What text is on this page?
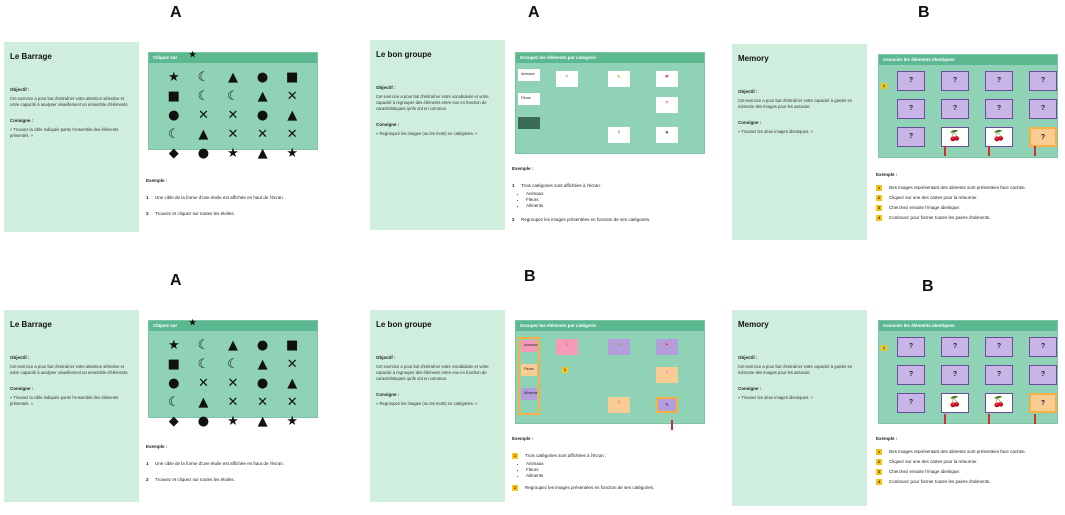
A	A	B
A	B
B
Le Barrage
Objectif :
Cet exercice a pour but d'entraîner votre attention sélective et votre capacité à analyser visuellement un ensemble d'éléments.
Consigne :
« Trouvez la cible indiquée parmi l'ensemble des éléments présentés. »
Cliquez sur ★
★ ☾ ▲ ● ■
■ ☾ ☾ ▲ ✕
● ✕ ✕ ● ▲
☾ ▲ ✕ ✕ ✕
◆ ● ★ ▲ ★
Exemple :
1	Une cible de la forme d'une étoile est affichée en haut de l'écran.
2	Trouvez et cliquez sur toutes les étoiles.
Le bon groupe
Objectif :
Cet exercice a pour but d'entraîner votre vocabulaire et votre capacité à regrouper des éléments entre eux en fonction de caractéristiques qu'ils ont en commun.
Consigne :
« Regroupez les images (ou les mots) en catégories. »
Groupez les éléments par catégorie
Animaux
Fleurs
🦌	🐛	🥩
🌸
🌷	🍇
Exemple :
1	Trois catégories sont affichées à l'écran :
• Animaux
• Fleurs
• Aliments
2	Regroupez les images présentées en fonction de ses catégories.
Memory
Objectif :
Cet exercice a pour but d'entraîner votre capacité à garder en mémoire des images pour les associer.
Consigne :
« Trouvez les deux images identiques. »
Associez les éléments identiques
1
?	?	?	?
?	?	?	?
?	🍒	🍒	?
Exemple :
1	Des images représentant des aliments sont présentées face cachée.
2	Cliquez sur une des cartes pour la retourner.
3	Cherchez ensuite l'image identique.
4	Continuez pour former toutes les paires d'aliments.
Le Barrage
Objectif :
Cet exercice a pour but d'entraîner votre attention sélective et votre capacité à analyser visuellement un ensemble d'éléments.
Consigne :
« Trouvez la cible indiquée parmi l'ensemble des éléments présentés. »
Cliquez sur ★
★ ☾ ▲ ● ■
■ ☾ ☾ ▲ ✕
● ✕ ✕ ● ▲
☾ ▲ ✕ ✕ ✕
◆ ● ★ ▲ ★
Exemple :
1	Une cible de la forme d'une étoile est affichée en haut de l'écran.
2	Trouvez et cliquez sur toutes les étoiles.
Le bon groupe
Objectif :
Cet exercice a pour but d'entraîner votre vocabulaire et votre capacité à regrouper des éléments entre eux en fonction de caractéristiques qu'ils ont en commun.
Consigne :
« Regroupez les images (ou les mots) en catégories. »
Groupez les éléments par catégorie
Animaux
Fleurs
Aliments
🦌	🐛	🥩
🌸
🌷	🍇
1
Exemple :
1	Trois catégories sont affichées à l'écran :
• Animaux
• Fleurs
• Aliments
2	Regroupez les images présentées en fonction de ses catégories.
Memory
Objectif :
Cet exercice a pour but d'entraîner votre capacité à garder en mémoire des images pour les associer.
Consigne :
« Trouvez les deux images identiques. »
Associez les éléments identiques
1	?	?	?	?
?	?	?	?
?	🍒	🍒	?
Exemple :
1	Des images représentant des aliments sont présentées face cachée.
2	Cliquez sur une des cartes pour la retourner.
3	Cherchez ensuite l'image identique.
4	Continuez pour former toutes les paires d'aliments.
